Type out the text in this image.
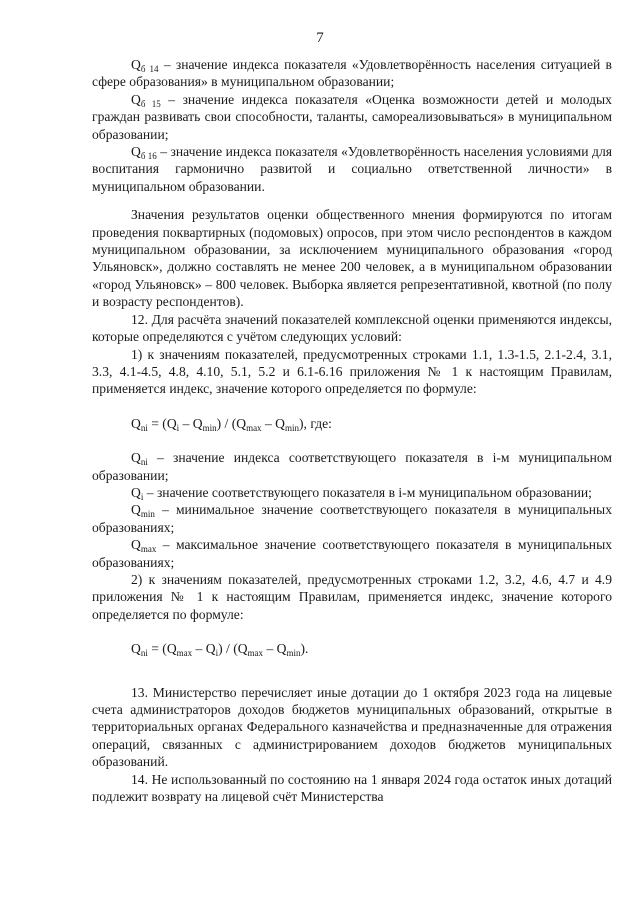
7

$Q_{б 14}$ – значение индекса показателя «Удовлетворённость населения ситуацией в сфере образования» в муниципальном образовании;

$Q_{б 15}$ – значение индекса показателя «Оценка возможности детей и молодых граждан развивать свои способности, таланты, самореализовываться» в муниципальном образовании;

$Q_{б 16}$ – значение индекса показателя «Удовлетворённость населения условиями для воспитания гармонично развитой и социально ответственной личности» в муниципальном образовании.

Значения результатов оценки общественного мнения формируются по итогам проведения поквартирных (подомовых) опросов, при этом число респондентов в каждом муниципальном образовании, за исключением муниципального образования «город Ульяновск», должно составлять не менее 200 человек, а в муниципальном образовании «город Ульяновск» – 800 человек. Выборка является репрезентативной, квотной (по полу и возрасту респондентов).

12. Для расчёта значений показателей комплексной оценки применяются индексы, которые определяются с учётом следующих условий:

1) к значениям показателей, предусмотренных строками 1.1, 1.3-1.5, 2.1-2.4, 3.1, 3.3, 4.1-4.5, 4.8, 4.10, 5.1, 5.2 и 6.1-6.16 приложения № 1 к настоящим Правилам, применяется индекс, значение которого определяется по формуле:

$Q_{ni} = (Q_i - Q_{min}) / (Q_{max} - Q_{min})$, где:

$Q_{ni}$ – значение индекса соответствующего показателя в i-м муниципальном образовании;

$Q_i$ – значение соответствующего показателя в i-м муниципальном образовании;

$Q_{min}$ – минимальное значение соответствующего показателя в муниципальных образованиях;

$Q_{max}$ – максимальное значение соответствующего показателя в муниципальных образованиях;

2) к значениям показателей, предусмотренных строками 1.2, 3.2, 4.6, 4.7 и 4.9 приложения № 1 к настоящим Правилам, применяется индекс, значение которого определяется по формуле:

$Q_{ni} = (Q_{max} - Q_i) / (Q_{max} - Q_{min})$.

13. Министерство перечисляет иные дотации до 1 октября 2023 года на лицевые счета администраторов доходов бюджетов муниципальных образований, открытые в территориальных органах Федерального казначейства и предназначенные для отражения операций, связанных с администрированием доходов бюджетов муниципальных образований.

14. Не использованный по состоянию на 1 января 2024 года остаток иных дотаций подлежит возврату на лицевой счёт Министерства
